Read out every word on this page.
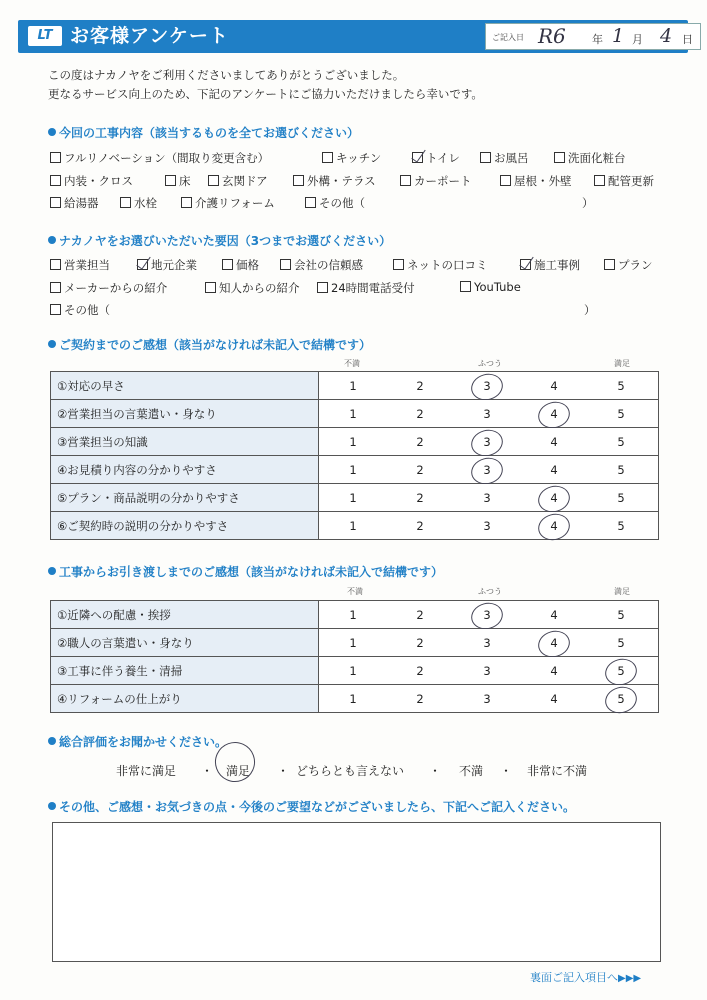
LT お客様アンケート	ご記入日 R6 年 1 月 4 日
この度はナカノヤをご利用くださいましてありがとうございました。
更なるサービス向上のため、下記のアンケートにご協力いただけましたら幸いです。
今回の工事内容（該当するものを全てお選びください）
フルリノベーション（間取り変更含む）	キッチン	トイレ	お風呂	洗面化粧台
内装・クロス	床	玄関ドア	外構・テラス	カーポート	屋根・外壁	配管更新
給湯器	水栓	介護リフォーム	その他（	）
ナカノヤをお選びいただいた要因（3つまでお選びください）
営業担当	地元企業	価格	会社の信頼感	ネットの口コミ	施工事例	プラン
メーカーからの紹介	知人からの紹介	24時間電話受付	YouTube
その他（	）
ご契約までのご感想（該当がなければ未記入で結構です）
不満	ふつう	満足
①対応の早さ	1 2 3 4 5

②営業担当の言葉遣い・身なり	1 2 3 4 5

③営業担当の知識	1 2 3 4 5

④お見積り内容の分かりやすさ	1 2 3 4 5

⑤プラン・商品説明の分かりやすさ	1 2 3 4 5

⑥ご契約時の説明の分かりやすさ	1 2 3 4 5
工事からお引き渡しまでのご感想（該当がなければ未記入で結構です）
不満	ふつう	満足
①近隣への配慮・挨拶	1 2 3 4 5

②職人の言葉遣い・身なり	1 2 3 4 5

③工事に伴う養生・清掃	1 2 3 4 5

④リフォームの仕上がり	1 2 3 4 5
総合評価をお聞かせください。
非常に満足 ・ 満足 ・ どちらとも言えない ・ 不満 ・ 非常に不満
その他、ご感想・お気づきの点・今後のご要望などがございましたら、下記へご記入ください。
裏面ご記入項目へ▶▶▶
